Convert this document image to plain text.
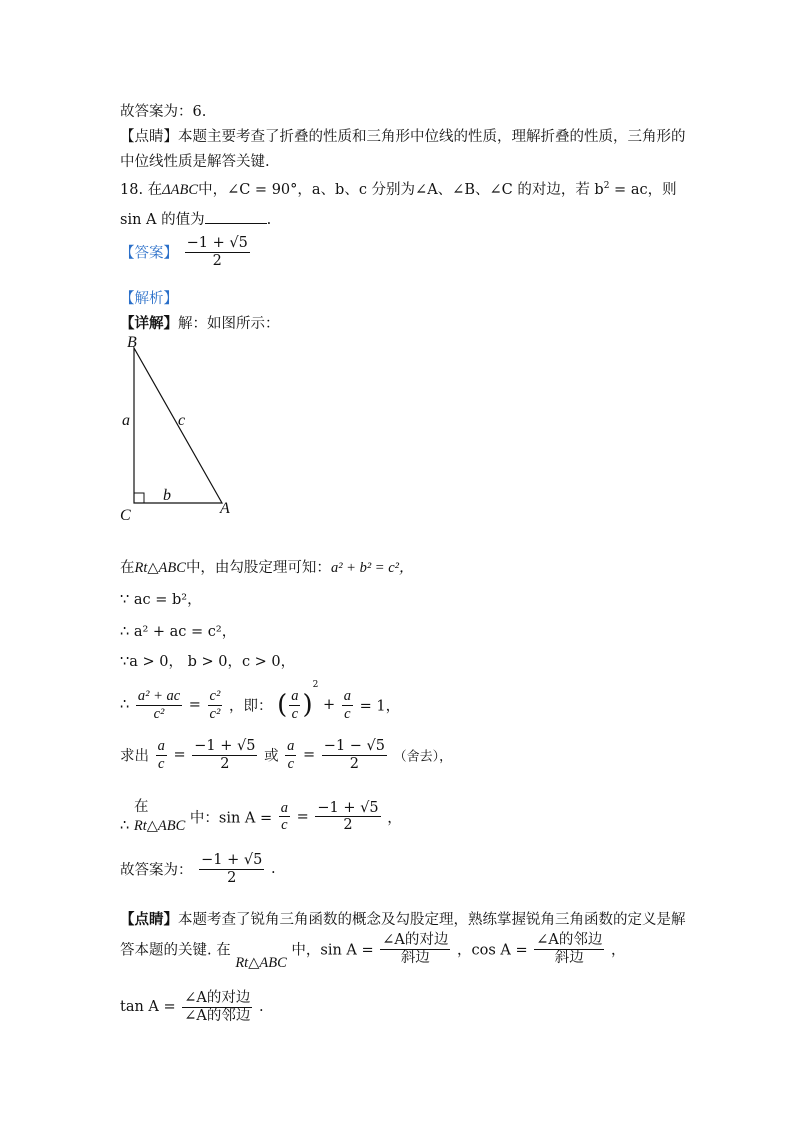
故答案为：6.
【点睛】本题主要考查了折叠的性质和三角形中位线的性质，理解折叠的性质，三角形的
中位线性质是解答关键.
18. 在ΔABC中，∠C = 90°，a、b、c 分别为∠A、∠B、∠C 的对边，若 $b^2$ = ac，则
sin A 的值为	.
【答案】 $\frac{-1 + √5}{2}$
【解析】
【详解】解：如图所示：
B
C	A
a	c
b
在Rt△ABC中，由勾股定理可知：a² + b² = c²，
∵ ac = b²，
∴ a² + ac = c²，
∵a > 0， b > 0，c > 0，
∴ $\frac{\text{a² + ac}}{\text{c²}} = \frac{\text{c²}}{\text{c²}}$ ，即： ( $\frac{a}{c} )^2 + \frac{a}{c} = 1$，
求出 $\frac{a}{c} = \frac{-1 + √5}{2}$ 或 $\frac{a}{c} = \frac{-1 - √5}{2}$ （舍去），
在
∴ Rt△ABC 中：$\sin A = \frac{a}{c} = \frac{-1 + √5}{2}$ ，
故答案为： $\frac{-1 + √5}{2}$ .
【点睛】本题考查了锐角三角函数的概念及勾股定理，熟练掌握锐角三角函数的定义是解
答本题的关键. 在 Rt△ABC 中，$\sin A = \frac{\text{∠A的对边}}{\text{斜边}}$ ，$\cos A = \frac{\text{∠A的邻边}}{\text{斜边}}$ ，
$\tan A = \frac{\text{∠A的对边}}{\text{∠A的邻边}}$ .
